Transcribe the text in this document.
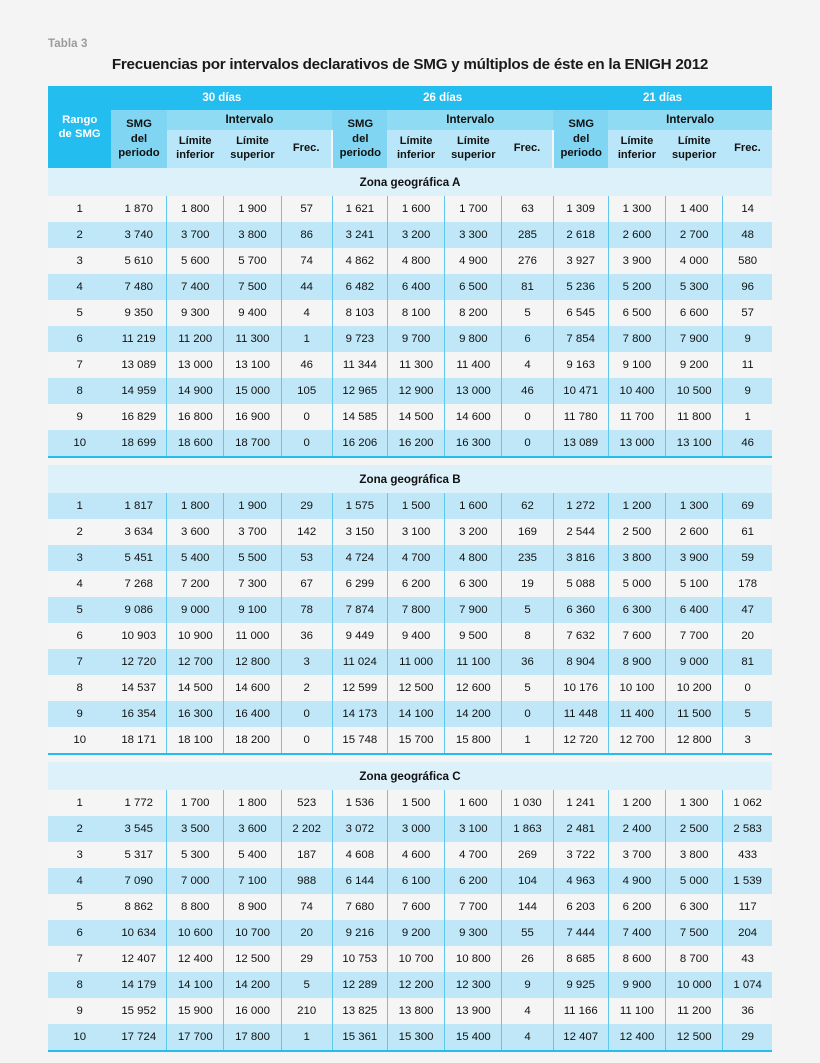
Tabla 3
Frecuencias por intervalos declarativos de SMG y múltiplos de éste en la ENIGH 2012
Rango
de SMG	30 días				26 días				21 días			
	SMG
del
periodo	Intervalo			SMG
del
periodo	Intervalo			SMG
del
periodo	Intervalo		
		Límite
inferior	Límite
superior	Frec.		Límite
inferior	Límite
superior	Frec.		Límite
inferior	Límite
superior	Frec.
Zona geográfica A												
1	1 870	1 800	1 900	57	1 621	1 600	1 700	63	1 309	1 300	1 400	14
2	3 740	3 700	3 800	86	3 241	3 200	3 300	285	2 618	2 600	2 700	48
3	5 610	5 600	5 700	74	4 862	4 800	4 900	276	3 927	3 900	4 000	580
4	7 480	7 400	7 500	44	6 482	6 400	6 500	81	5 236	5 200	5 300	96
5	9 350	9 300	9 400	4	8 103	8 100	8 200	5	6 545	6 500	6 600	57
6	11 219	11 200	11 300	1	9 723	9 700	9 800	6	7 854	7 800	7 900	9
7	13 089	13 000	13 100	46	11 344	11 300	11 400	4	9 163	9 100	9 200	11
8	14 959	14 900	15 000	105	12 965	12 900	13 000	46	10 471	10 400	10 500	9
9	16 829	16 800	16 900	0	14 585	14 500	14 600	0	11 780	11 700	11 800	1
10	18 699	18 600	18 700	0	16 206	16 200	16 300	0	13 089	13 000	13 100	46

Zona geográfica B												
1	1 817	1 800	1 900	29	1 575	1 500	1 600	62	1 272	1 200	1 300	69
2	3 634	3 600	3 700	142	3 150	3 100	3 200	169	2 544	2 500	2 600	61
3	5 451	5 400	5 500	53	4 724	4 700	4 800	235	3 816	3 800	3 900	59
4	7 268	7 200	7 300	67	6 299	6 200	6 300	19	5 088	5 000	5 100	178
5	9 086	9 000	9 100	78	7 874	7 800	7 900	5	6 360	6 300	6 400	47
6	10 903	10 900	11 000	36	9 449	9 400	9 500	8	7 632	7 600	7 700	20
7	12 720	12 700	12 800	3	11 024	11 000	11 100	36	8 904	8 900	9 000	81
8	14 537	14 500	14 600	2	12 599	12 500	12 600	5	10 176	10 100	10 200	0
9	16 354	16 300	16 400	0	14 173	14 100	14 200	0	11 448	11 400	11 500	5
10	18 171	18 100	18 200	0	15 748	15 700	15 800	1	12 720	12 700	12 800	3

Zona geográfica C												
1	1 772	1 700	1 800	523	1 536	1 500	1 600	1 030	1 241	1 200	1 300	1 062
2	3 545	3 500	3 600	2 202	3 072	3 000	3 100	1 863	2 481	2 400	2 500	2 583
3	5 317	5 300	5 400	187	4 608	4 600	4 700	269	3 722	3 700	3 800	433
4	7 090	7 000	7 100	988	6 144	6 100	6 200	104	4 963	4 900	5 000	1 539
5	8 862	8 800	8 900	74	7 680	7 600	7 700	144	6 203	6 200	6 300	117
6	10 634	10 600	10 700	20	9 216	9 200	9 300	55	7 444	7 400	7 500	204
7	12 407	12 400	12 500	29	10 753	10 700	10 800	26	8 685	8 600	8 700	43
8	14 179	14 100	14 200	5	12 289	12 200	12 300	9	9 925	9 900	10 000	1 074
9	15 952	15 900	16 000	210	13 825	13 800	13 900	4	11 166	11 100	11 200	36
10	17 724	17 700	17 800	1	15 361	15 300	15 400	4	12 407	12 400	12 500	29
